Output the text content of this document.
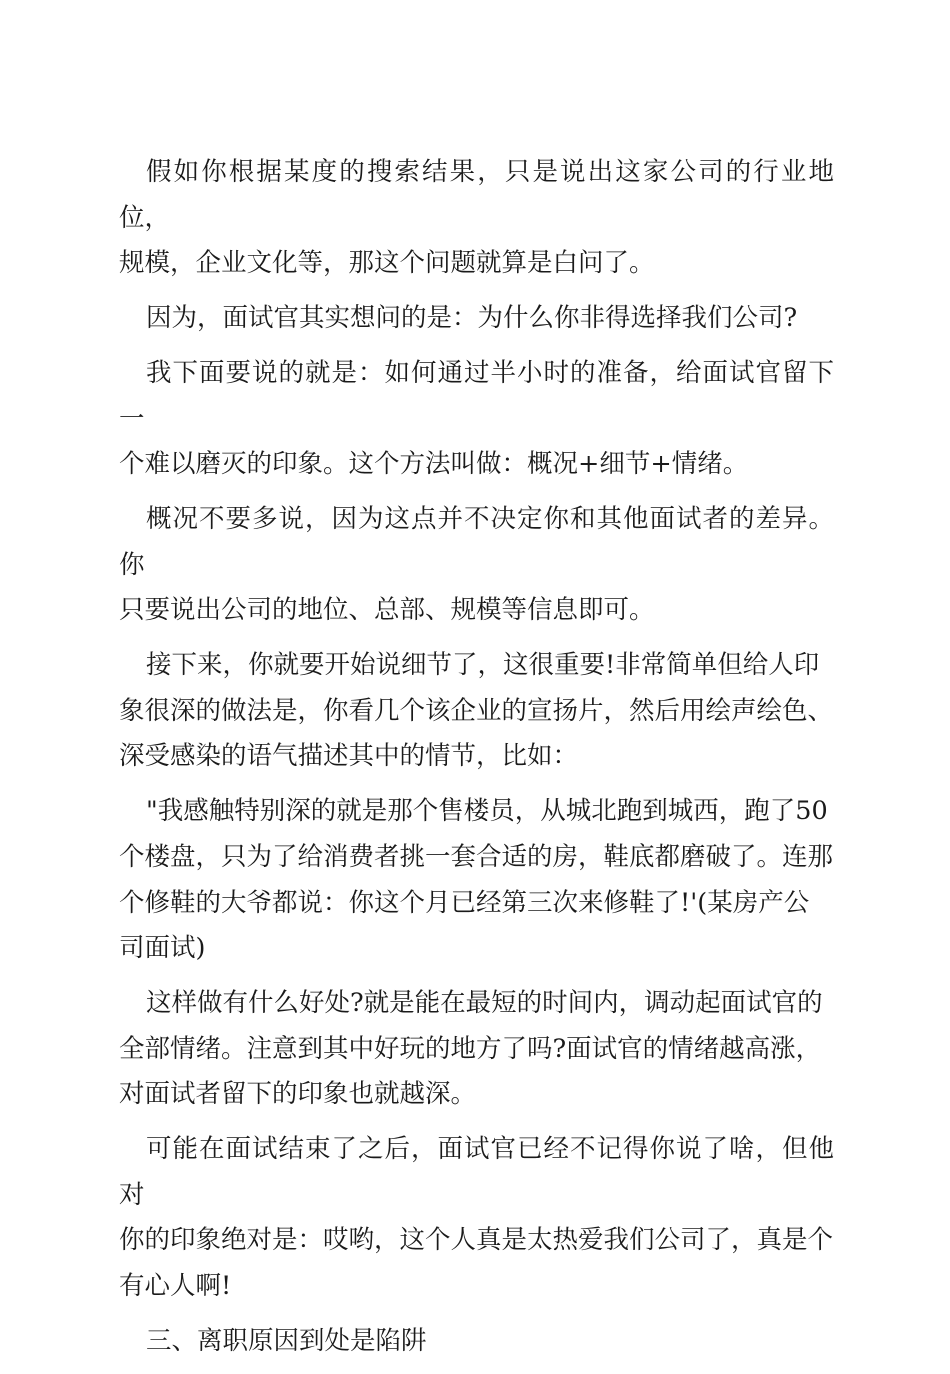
假如你根据某度的搜索结果，只是说出这家公司的行业地位，
规模，企业文化等，那这个问题就算是白问了。

因为，面试官其实想问的是：为什么你非得选择我们公司?

我下面要说的就是：如何通过半小时的准备，给面试官留下一
个难以磨灭的印象。这个方法叫做：概况+细节+情绪。

概况不要多说，因为这点并不决定你和其他面试者的差异。你
只要说出公司的地位、总部、规模等信息即可。

接下来，你就要开始说细节了，这很重要!非常简单但给人印
象很深的做法是，你看几个该企业的宣扬片，然后用绘声绘色、
深受感染的语气描述其中的情节，比如：

"我感触特别深的就是那个售楼员，从城北跑到城西，跑了50
个楼盘，只为了给消费者挑一套合适的房，鞋底都磨破了。连那
个修鞋的大爷都说：你这个月已经第三次来修鞋了!'(某房产公
司面试)

这样做有什么好处?就是能在最短的时间内，调动起面试官的
全部情绪。注意到其中好玩的地方了吗?面试官的情绪越高涨，
对面试者留下的印象也就越深。

可能在面试结束了之后，面试官已经不记得你说了啥，但他对
你的印象绝对是：哎哟，这个人真是太热爱我们公司了，真是个
有心人啊!

三、离职原因到处是陷阱
